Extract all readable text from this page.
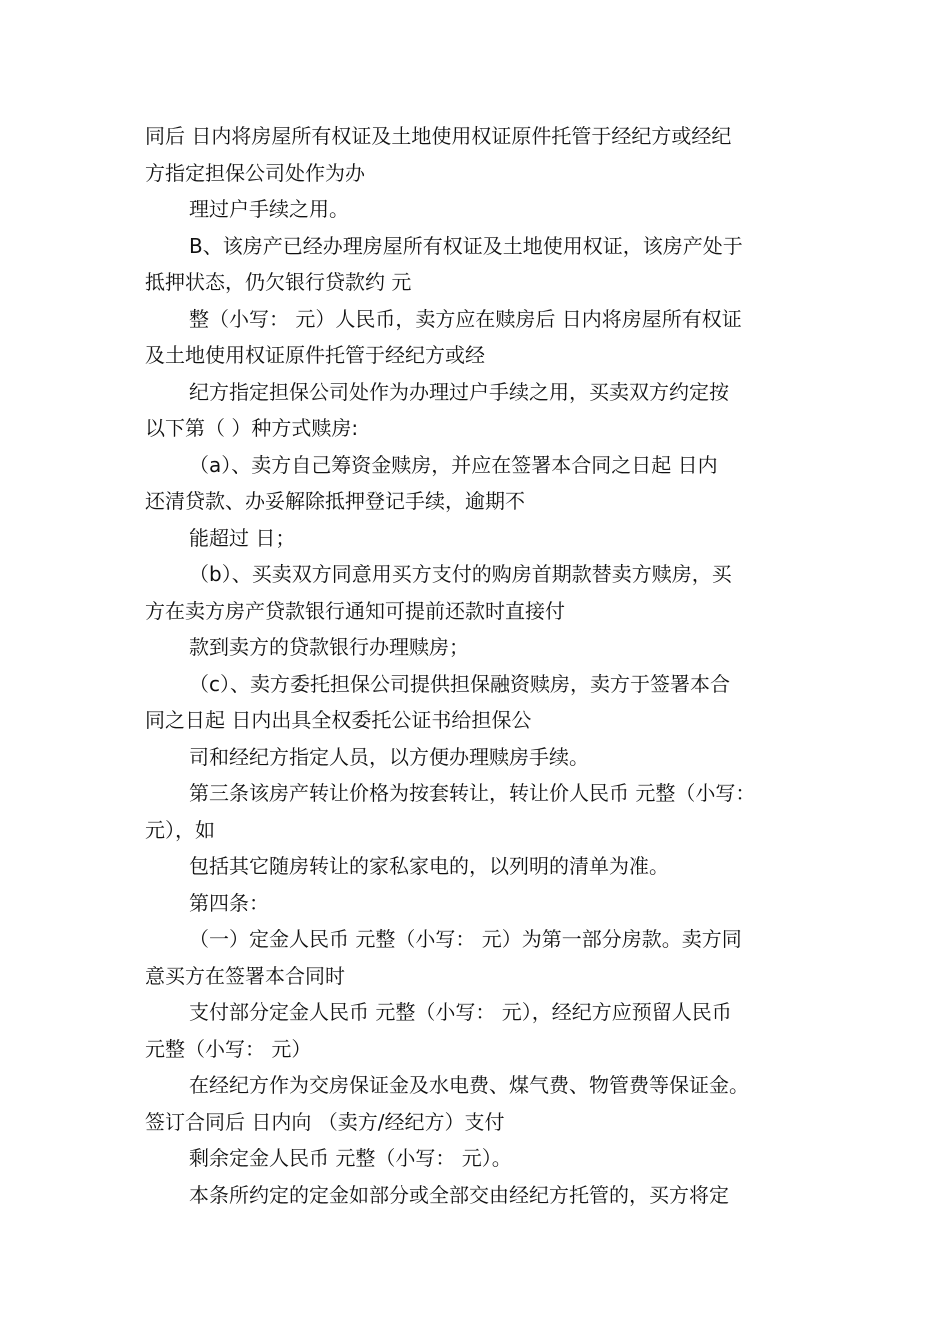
同后 日内将房屋所有权证及土地使用权证原件托管于经纪方或经纪

方指定担保公司处作为办

理过户手续之用。

B、该房产已经办理房屋所有权证及土地使用权证，该房产处于

抵押状态，仍欠银行贷款约 元

整（小写： 元）人民币，卖方应在赎房后 日内将房屋所有权证

及土地使用权证原件托管于经纪方或经

纪方指定担保公司处作为办理过户手续之用，买卖双方约定按

以下第（ ）种方式赎房:

（a）、卖方自己筹资金赎房，并应在签署本合同之日起 日内

还清贷款、办妥解除抵押登记手续，逾期不

能超过 日；

（b）、买卖双方同意用买方支付的购房首期款替卖方赎房，买

方在卖方房产贷款银行通知可提前还款时直接付

款到卖方的贷款银行办理赎房；

（c）、卖方委托担保公司提供担保融资赎房，卖方于签署本合

同之日起 日内出具全权委托公证书给担保公

司和经纪方指定人员，以方便办理赎房手续。

第三条该房产转让价格为按套转让，转让价人民币 元整（小写：

元），如

包括其它随房转让的家私家电的，以列明的清单为准。

第四条：

（一）定金人民币 元整（小写： 元）为第一部分房款。卖方同

意买方在签署本合同时

支付部分定金人民币 元整（小写： 元），经纪方应预留人民币

元整（小写： 元）

在经纪方作为交房保证金及水电费、煤气费、物管费等保证金。

签订合同后 日内向 （卖方/经纪方）支付

剩余定金人民币 元整（小写： 元）。

本条所约定的定金如部分或全部交由经纪方托管的，买方将定
